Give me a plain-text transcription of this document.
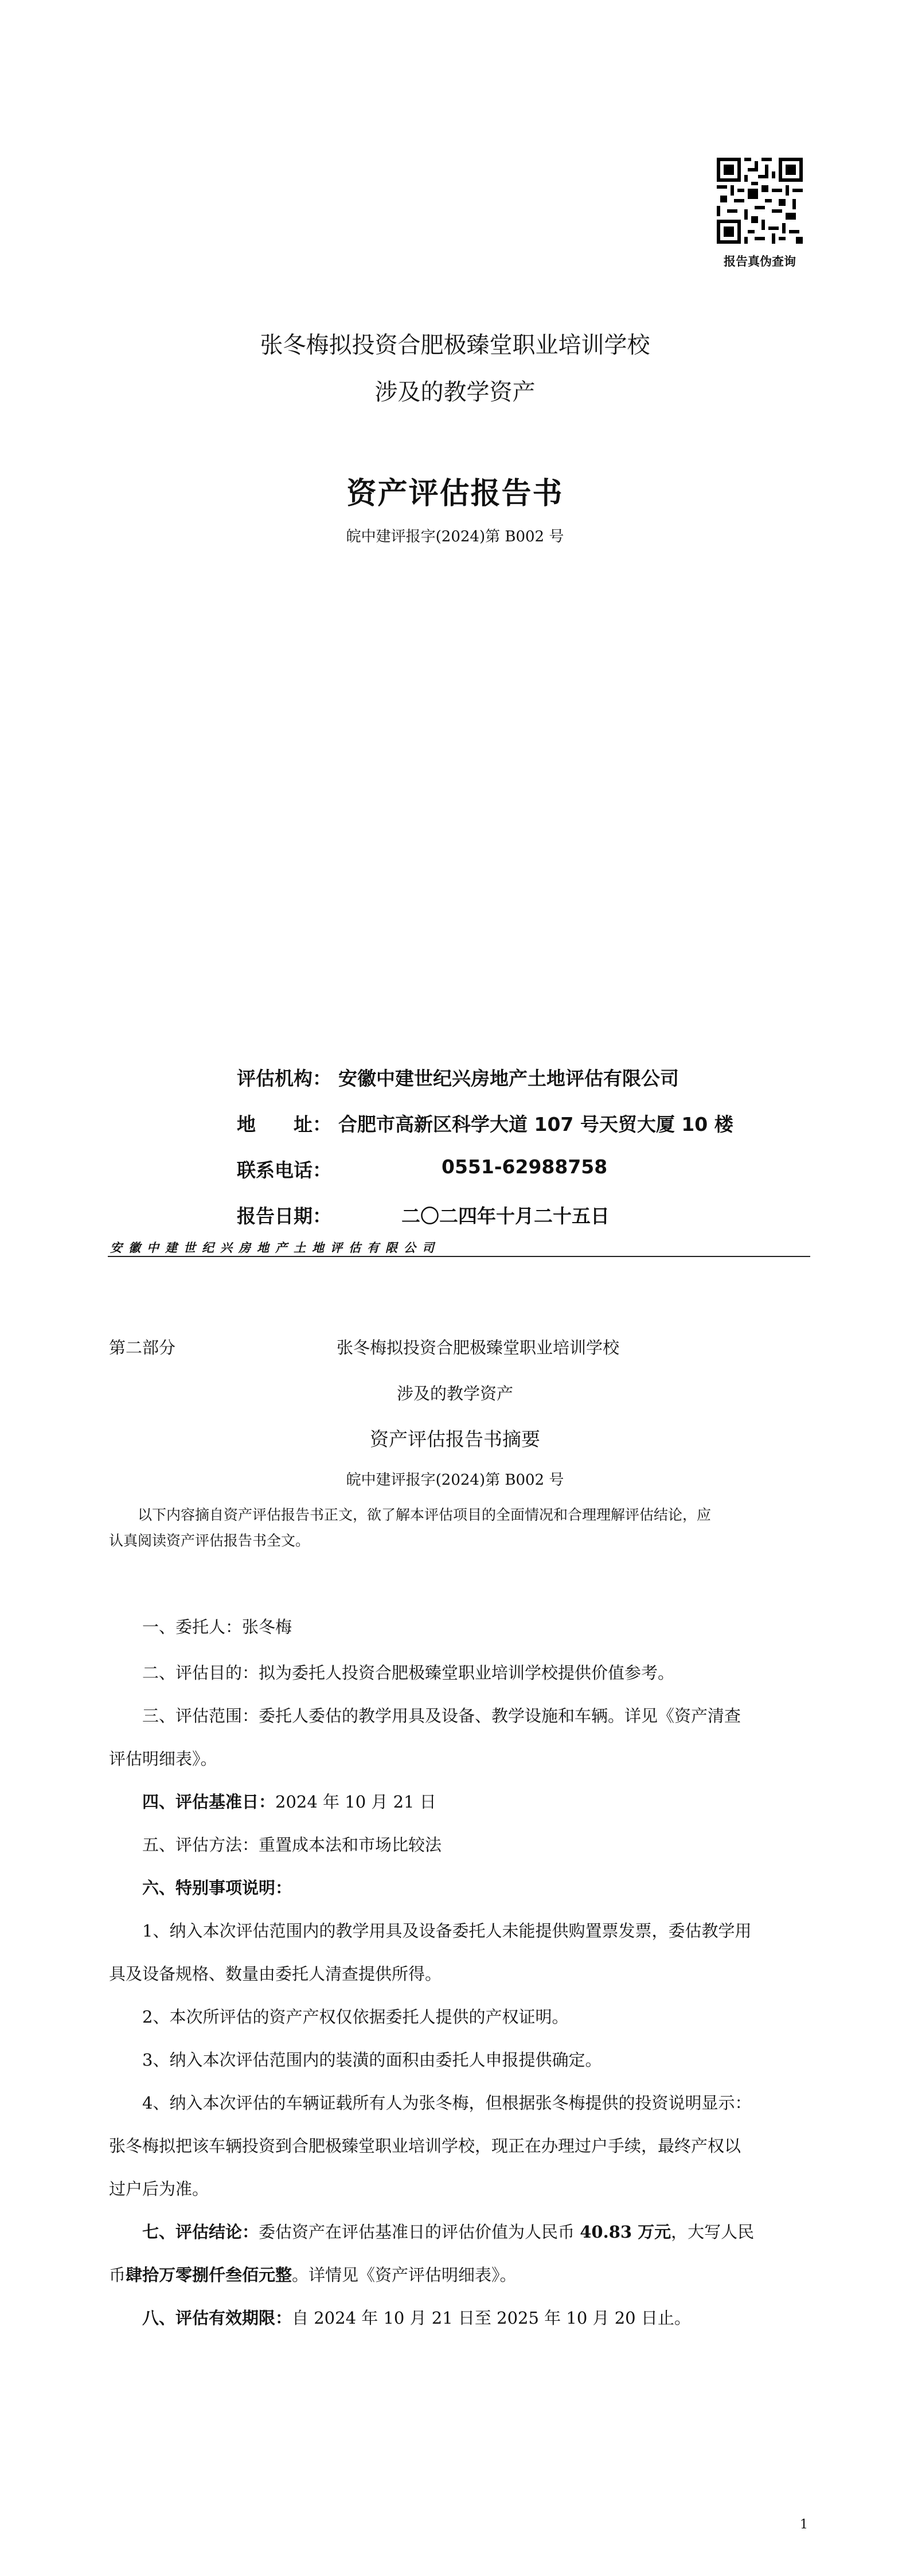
报告真伪查询
张冬梅拟投资合肥极臻堂职业培训学校
涉及的教学资产
资产评估报告书
皖中建评报字(2024)第 B002 号
评估机构： 安徽中建世纪兴房地产土地评估有限公司
地　　址： 合肥市高新区科学大道 107 号天贸大厦 10 楼
联系电话：	0551-62988758
报告日期：	二〇二四年十月二十五日
安徽中建世纪兴房地产土地评估有限公司
第二部分	张冬梅拟投资合肥极臻堂职业培训学校
涉及的教学资产
资产评估报告书摘要
皖中建评报字(2024)第 B002 号
以下内容摘自资产评估报告书正文，欲了解本评估项目的全面情况和合理理解评估结论，应
认真阅读资产评估报告书全文。
一、委托人：张冬梅
二、评估目的：拟为委托人投资合肥极臻堂职业培训学校提供价值参考。
三、评估范围：委托人委估的教学用具及设备、教学设施和车辆。详见《资产清查
评估明细表》。
四、评估基准日：2024 年 10 月 21 日
五、评估方法：重置成本法和市场比较法
六、特别事项说明：
1、纳入本次评估范围内的教学用具及设备委托人未能提供购置票发票，委估教学用
具及设备规格、数量由委托人清查提供所得。
2、本次所评估的资产产权仅依据委托人提供的产权证明。
3、纳入本次评估范围内的装潢的面积由委托人申报提供确定。
4、纳入本次评估的车辆证载所有人为张冬梅，但根据张冬梅提供的投资说明显示：
张冬梅拟把该车辆投资到合肥极臻堂职业培训学校，现正在办理过户手续，最终产权以
过户后为准。
七、评估结论：委估资产在评估基准日的评估价值为人民币 40.83 万元，大写人民
币肆拾万零捌仟叁佰元整。详情见《资产评估明细表》。
八、评估有效期限：自 2024 年 10 月 21 日至 2025 年 10 月 20 日止。
1
